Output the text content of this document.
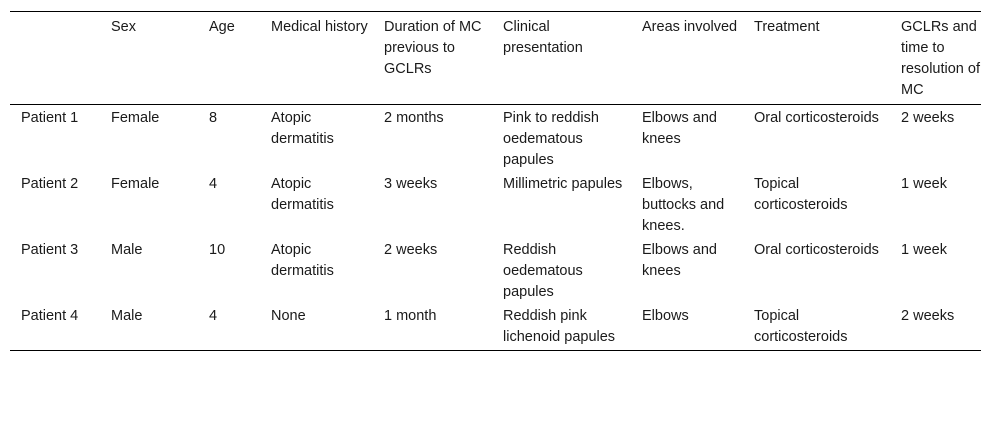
	Sex	Age	Medical history	Duration of MC previous to GCLRs	Clinical presentation	Areas involved	Treatment	GCLRs and time to resolution of MC
Patient 1	Female	8	Atopic dermatitis	2 months	Pink to reddish oedematous papules	Elbows and knees	Oral corticosteroids	2 weeks
Patient 2	Female	4	Atopic dermatitis	3 weeks	Millimetric papules	Elbows, buttocks and knees.	Topical corticosteroids	1 week
Patient 3	Male	10	Atopic dermatitis	2 weeks	Reddish oedematous papules	Elbows and knees	Oral corticosteroids	1 week
Patient 4	Male	4	None	1 month	Reddish pink lichenoid papules	Elbows	Topical corticosteroids	2 weeks
